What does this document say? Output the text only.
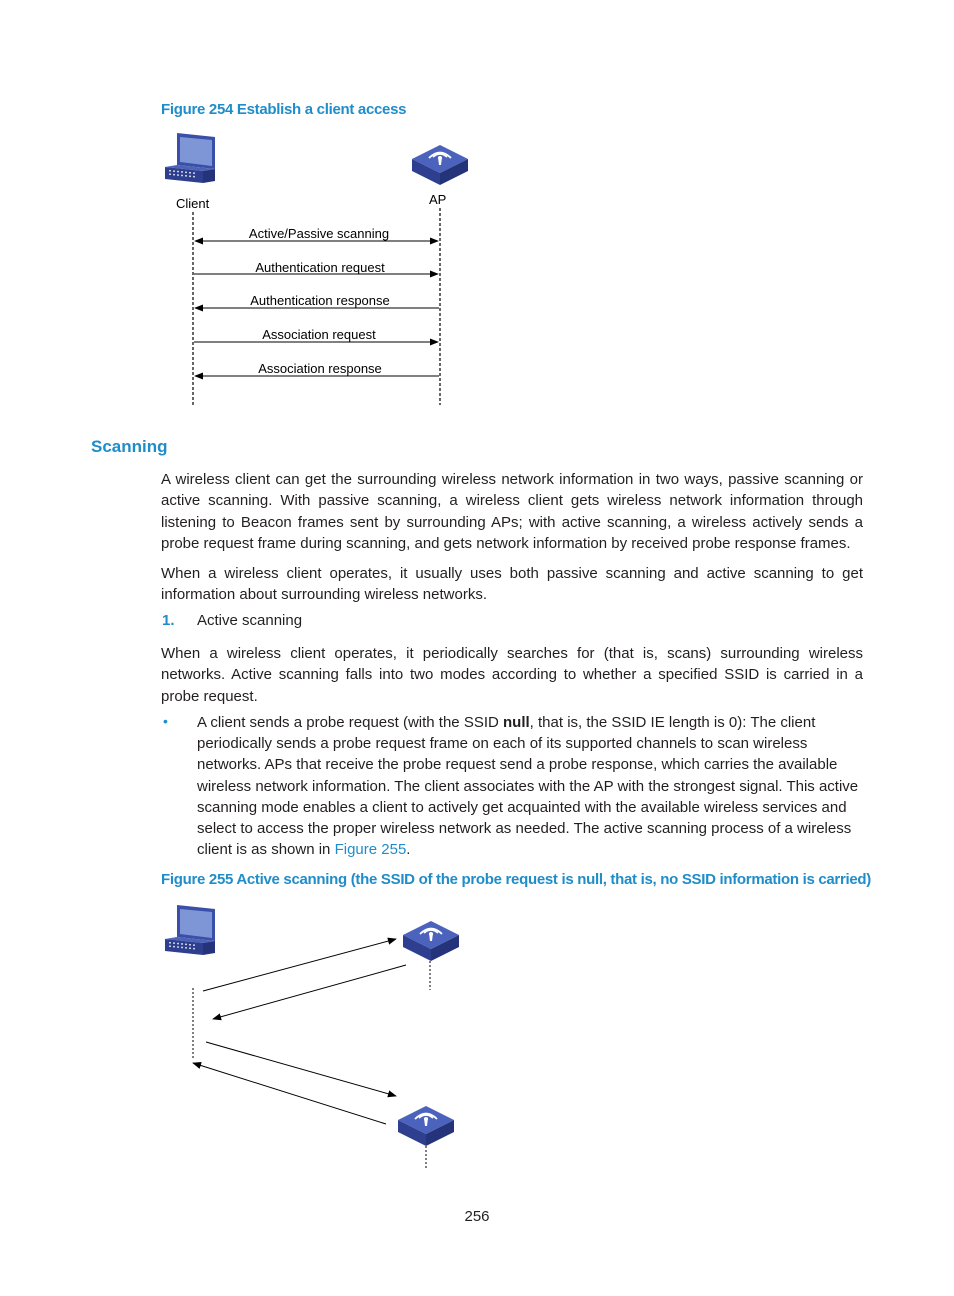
Figure 254 Establish a client access
Client	AP
Active/Passive scanning
Authentication request
Authentication response
Association request
Association response
Scanning

A wireless client can get the surrounding wireless network information in two ways, passive scanning or active scanning. With passive scanning, a wireless client gets wireless network information through listening to Beacon frames sent by surrounding APs; with active scanning, a wireless actively sends a probe request frame during scanning, and gets network information by received probe response frames.

When a wireless client operates, it usually uses both passive scanning and active scanning to get information about surrounding wireless networks.

1. Active scanning

When a wireless client operates, it periodically searches for (that is, scans) surrounding wireless networks. Active scanning falls into two modes according to whether a specified SSID is carried in a probe request.

• A client sends a probe request (with the SSID null, that is, the SSID IE length is 0): The client periodically sends a probe request frame on each of its supported channels to scan wireless networks. APs that receive the probe request send a probe response, which carries the available wireless network information. The client associates with the AP with the strongest signal. This active scanning mode enables a client to actively get acquainted with the available wireless services and select to access the proper wireless network as needed. The active scanning process of a wireless client is as shown in Figure 255.

Figure 255 Active scanning (the SSID of the probe request is null, that is, no SSID information is carried)
256
